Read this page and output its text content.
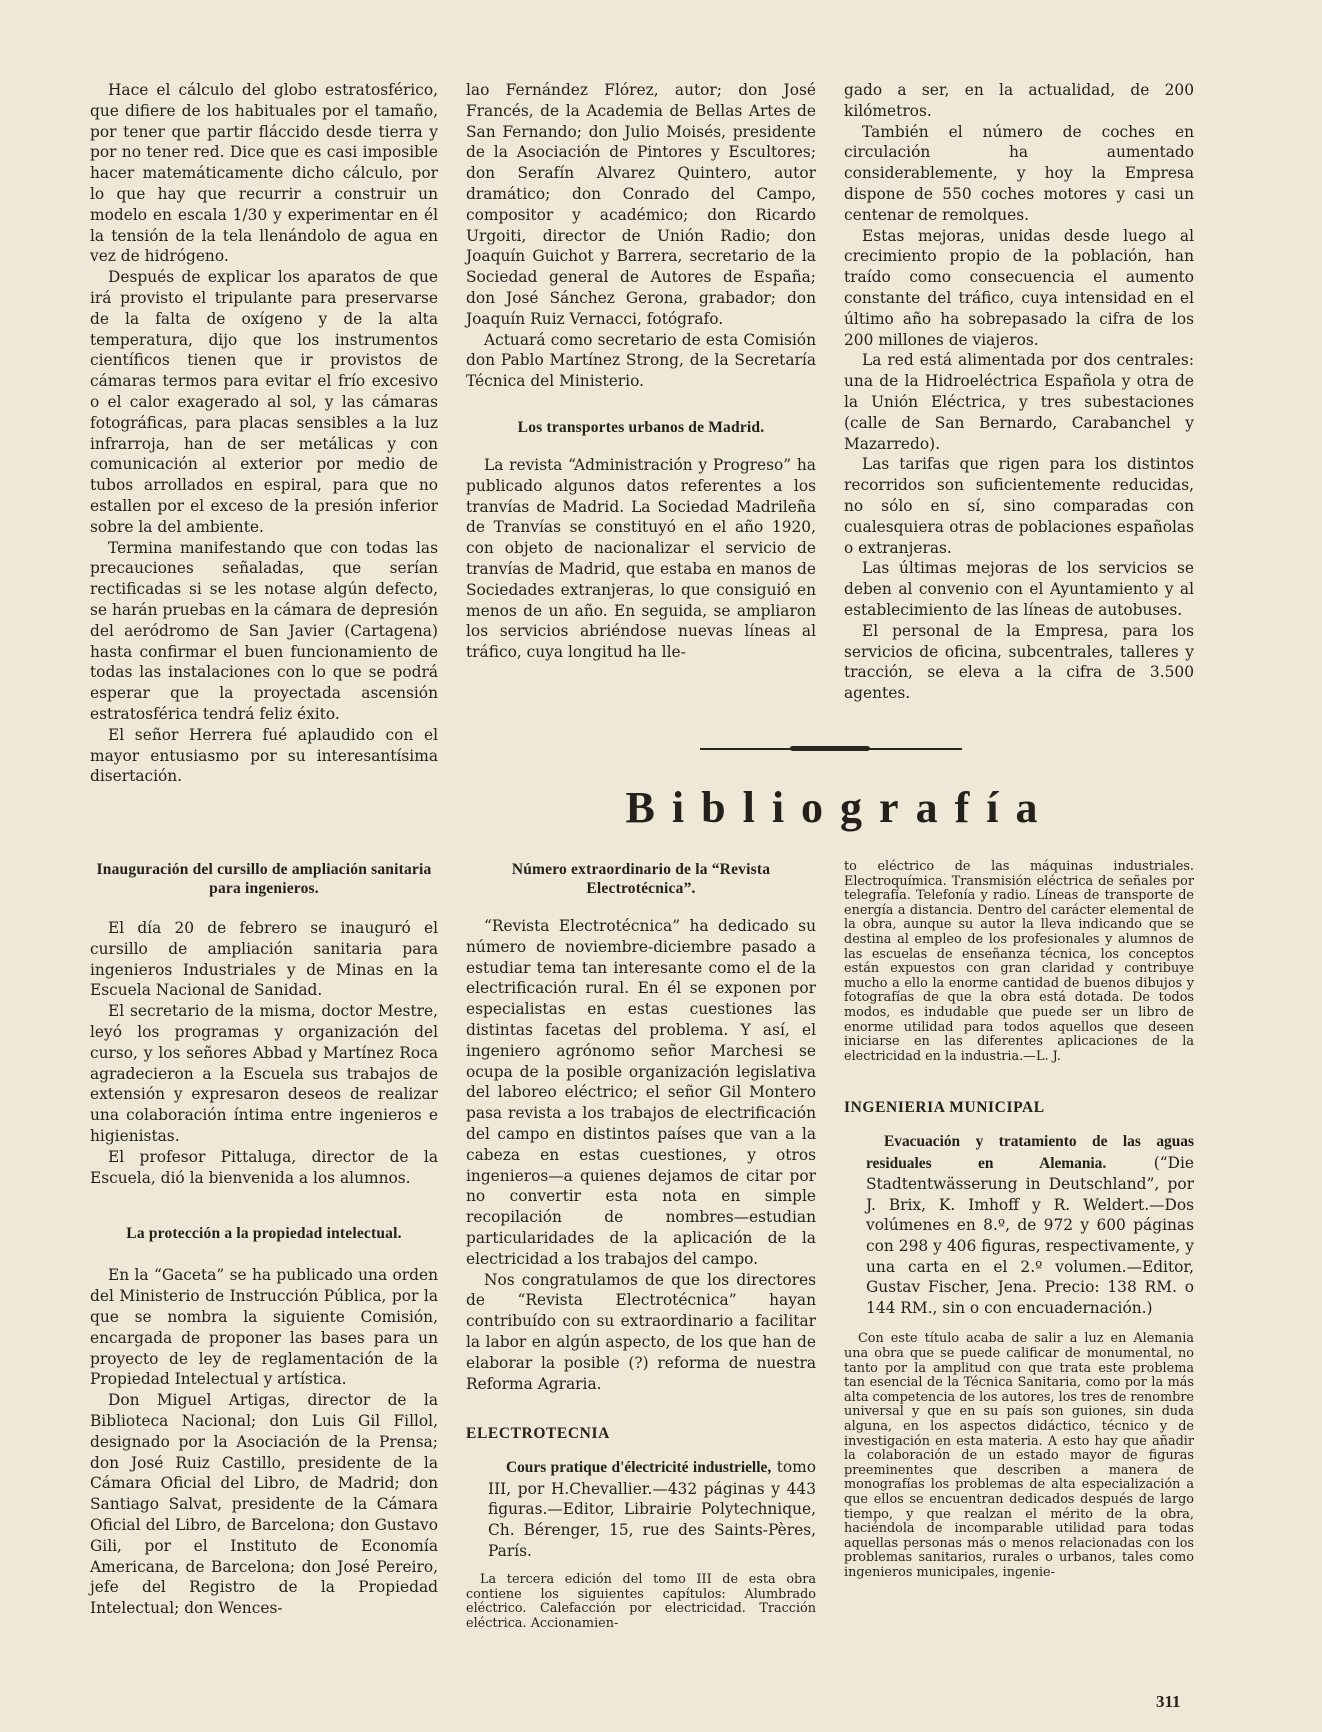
Hace el cálculo del globo estratosférico, que difiere de los habituales por el tamaño, por tener que partir fláccido desde tierra y por no tener red. Dice que es casi imposible hacer matemáticamente dicho cálculo, por lo que hay que recurrir a construir un modelo en escala 1/30 y experimentar en él la tensión de la tela llenándolo de agua en vez de hidrógeno.

Después de explicar los aparatos de que irá provisto el tripulante para preservarse de la falta de oxígeno y de la alta temperatura, dijo que los instrumentos científicos tienen que ir provistos de cámaras termos para evitar el frío excesivo o el calor exagerado al sol, y las cámaras fotográficas, para placas sensibles a la luz infrarroja, han de ser metálicas y con comunicación al exterior por medio de tubos arrollados en espiral, para que no estallen por el exceso de la presión inferior sobre la del ambiente.

Termina manifestando que con todas las precauciones señaladas, que serían rectificadas si se les notase algún defecto, se harán pruebas en la cámara de depresión del aeródromo de San Javier (Cartagena) hasta confirmar el buen funcionamiento de todas las instalaciones con lo que se podrá esperar que la proyectada ascensión estratosférica tendrá feliz éxito.

El señor Herrera fué aplaudido con el mayor entusiasmo por su interesantísima disertación.

lao Fernández Flórez, autor; don José Francés, de la Academia de Bellas Artes de San Fernando; don Julio Moisés, presidente de la Asociación de Pintores y Escultores; don Serafín Alvarez Quintero, autor dramático; don Conrado del Campo, compositor y académico; don Ricardo Urgoiti, director de Unión Radio; don Joaquín Guichot y Barrera, secretario de la Sociedad general de Autores de España; don José Sánchez Gerona, grabador; don Joaquín Ruiz Vernacci, fotógrafo.

Actuará como secretario de esta Comisión don Pablo Martínez Strong, de la Secretaría Técnica del Ministerio.

Los transportes urbanos de Madrid.

La revista “Administración y Progreso” ha publicado algunos datos referentes a los tranvías de Madrid. La Sociedad Madrileña de Tranvías se constituyó en el año 1920, con objeto de nacionalizar el servicio de tranvías de Madrid, que estaba en manos de Sociedades extranjeras, lo que consiguió en menos de un año. En seguida, se ampliaron los servicios abriéndose nuevas líneas al tráfico, cuya longitud ha lle-

gado a ser, en la actualidad, de 200 kilómetros.

También el número de coches en circulación ha aumentado considerablemente, y hoy la Empresa dispone de 550 coches motores y casi un centenar de remolques.

Estas mejoras, unidas desde luego al crecimiento propio de la población, han traído como consecuencia el aumento constante del tráfico, cuya intensidad en el último año ha sobrepasado la cifra de los 200 millones de viajeros.

La red está alimentada por dos centrales: una de la Hidroeléctrica Española y otra de la Unión Eléctrica, y tres subestaciones (calle de San Bernardo, Carabanchel y Mazarredo).

Las tarifas que rigen para los distintos recorridos son suficientemente reducidas, no sólo en sí, sino comparadas con cualesquiera otras de poblaciones españolas o extranjeras.

Las últimas mejoras de los servicios se deben al convenio con el Ayuntamiento y al establecimiento de las líneas de autobuses.

El personal de la Empresa, para los servicios de oficina, subcentrales, talleres y tracción, se eleva a la cifra de 3.500 agentes.

Bibliografía
Inauguración del cursillo de ampliación sanitaria para ingenieros.

El día 20 de febrero se inauguró el cursillo de ampliación sanitaria para ingenieros Industriales y de Minas en la Escuela Nacional de Sanidad.

El secretario de la misma, doctor Mestre, leyó los programas y organización del curso, y los señores Abbad y Martínez Roca agradecieron a la Escuela sus trabajos de extensión y expresaron deseos de realizar una colaboración íntima entre ingenieros e higienistas.

El profesor Pittaluga, director de la Escuela, dió la bienvenida a los alumnos.

La protección a la propiedad intelectual.

En la “Gaceta” se ha publicado una orden del Ministerio de Instrucción Pública, por la que se nombra la siguiente Comisión, encargada de proponer las bases para un proyecto de ley de reglamentación de la Propiedad Intelectual y artística.

Don Miguel Artigas, director de la Biblioteca Nacional; don Luis Gil Fillol, designado por la Asociación de la Prensa; don José Ruiz Castillo, presidente de la Cámara Oficial del Libro, de Madrid; don Santiago Salvat, presidente de la Cámara Oficial del Libro, de Barcelona; don Gustavo Gili, por el Instituto de Economía Americana, de Barcelona; don José Pereiro, jefe del Registro de la Propiedad Intelectual; don Wences-

Número extraordinario de la “Revista Electrotécnica”.

“Revista Electrotécnica” ha dedicado su número de noviembre-diciembre pasado a estudiar tema tan interesante como el de la electrificación rural. En él se exponen por especialistas en estas cuestiones las distintas facetas del problema. Y así, el ingeniero agrónomo señor Marchesi se ocupa de la posible organización legislativa del laboreo eléctrico; el señor Gil Montero pasa revista a los trabajos de electrificación del campo en distintos países que van a la cabeza en estas cuestiones, y otros ingenieros—a quienes dejamos de citar por no convertir esta nota en simple recopilación de nombres—estudian particularidades de la aplicación de la electricidad a los trabajos del campo.

Nos congratulamos de que los directores de “Revista Electrotécnica” hayan contribuído con su extraordinario a facilitar la labor en algún aspecto, de los que han de elaborar la posible (?) reforma de nuestra Reforma Agraria.

ELECTROTECNIA

Cours pratique d'électricité industrielle, tomo III, por H.Chevallier.—432 páginas y 443 figuras.—Editor, Librairie Polytechnique, Ch. Bérenger, 15, rue des Saints-Pères, París.

La tercera edición del tomo III de esta obra contiene los siguientes capítulos: Alumbrado eléctrico. Calefacción por electricidad. Tracción eléctrica. Accionamien-

to eléctrico de las máquinas industriales. Electroquímica. Transmisión eléctrica de señales por telegrafía. Telefonía y radio. Líneas de transporte de energía a distancia. Dentro del carácter elemental de la obra, aunque su autor la lleva indicando que se destina al empleo de los profesionales y alumnos de las escuelas de enseñanza técnica, los conceptos están expuestos con gran claridad y contribuye mucho a ello la enorme cantidad de buenos dibujos y fotografías de que la obra está dotada. De todos modos, es indudable que puede ser un libro de enorme utilidad para todos aquellos que deseen iniciarse en las diferentes aplicaciones de la electricidad en la industria.—L. J.

INGENIERIA MUNICIPAL

Evacuación y tratamiento de las aguas residuales en Alemania.	(“Die Stadtentwässerung in Deutschland”, por J. Brix, K. Imhoff y R. Weldert.—Dos volúmenes en 8.º, de 972 y 600 páginas con 298 y 406 figuras, respectivamente, y una carta en el 2.º volumen.—Editor, Gustav Fischer, Jena. Precio: 138 RM. o 144 RM., sin o con encuadernación.)

Con este título acaba de salir a luz en Alemania una obra que se puede calificar de monumental, no tanto por la amplitud con que trata este problema tan esencial de la Técnica Sanitaria, como por la más alta competencia de los autores, los tres de renombre universal y que en su país son guiones, sin duda alguna, en los aspectos didáctico, técnico y de investigación en esta materia. A esto hay que añadir la colaboración de un estado mayor de figuras preeminentes que describen a manera de monografías los problemas de alta especialización a que ellos se encuentran dedicados después de largo tiempo, y que realzan el mérito de la obra, haciéndola de incomparable utilidad para todas aquellas personas más o menos relacionadas con los problemas sanitarios, rurales o urbanos, tales como ingenieros municipales, ingenie-

311
